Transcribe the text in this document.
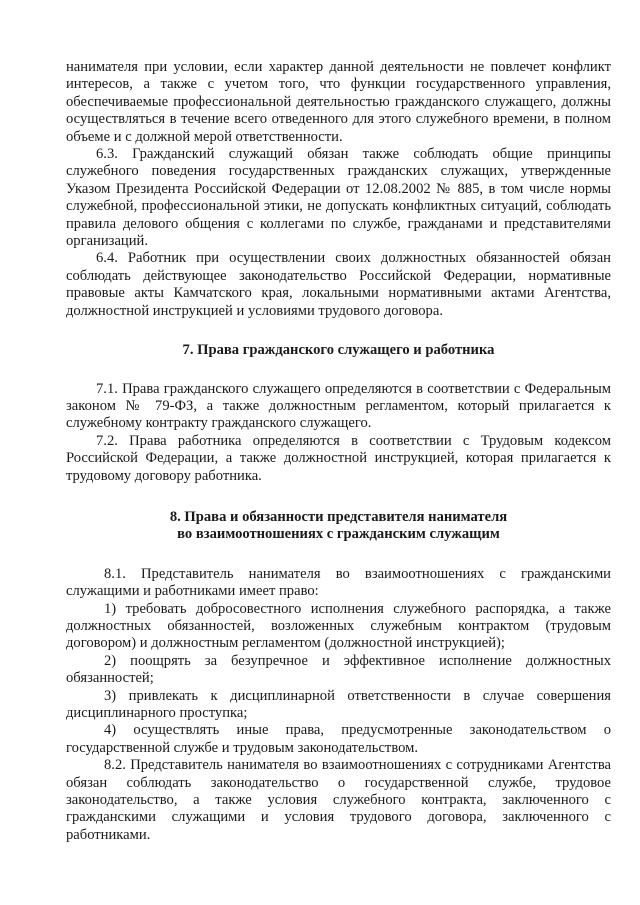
нанимателя при условии, если характер данной деятельности не повлечет конфликт интересов, а также с учетом того, что функции государственного управления, обеспечиваемые профессиональной деятельностью гражданского служащего, должны осуществляться в течение всего отведенного для этого служебного времени, в полном объеме и с должной мерой ответственности.

6.3. Гражданский служащий обязан также соблюдать общие принципы служебного поведения государственных гражданских служащих, утвержденные Указом Президента Российской Федерации от 12.08.2002 № 885, в том числе нормы служебной, профессиональной этики, не допускать конфликтных ситуаций, соблюдать правила делового общения с коллегами по службе, гражданами и представителями организаций.

6.4. Работник при осуществлении своих должностных обязанностей обязан соблюдать действующее законодательство Российской Федерации, нормативные правовые акты Камчатского края, локальными нормативными актами Агентства, должностной инструкцией и условиями трудового договора.

7. Права гражданского служащего и работника

7.1. Права гражданского служащего определяются в соответствии с Федеральным законом № 79-ФЗ, а также должностным регламентом, который прилагается к служебному контракту гражданского служащего.

7.2. Права работника определяются в соответствии с Трудовым кодексом Российской Федерации, а также должностной инструкцией, которая прилагается к трудовому договору работника.

8. Права и обязанности представителя нанимателя
во взаимоотношениях с гражданским служащим

8.1. Представитель нанимателя во взаимоотношениях с гражданскими служащими и работниками имеет право:

1) требовать добросовестного исполнения служебного распорядка, а также должностных обязанностей, возложенных служебным контрактом (трудовым договором) и должностным регламентом (должностной инструкцией);

2) поощрять за безупречное и эффективное исполнение должностных обязанностей;

3) привлекать к дисциплинарной ответственности в случае совершения дисциплинарного проступка;

4) осуществлять иные права, предусмотренные законодательством о государственной службе и трудовым законодательством.

8.2. Представитель нанимателя во взаимоотношениях с сотрудниками Агентства обязан соблюдать законодательство о государственной службе, трудовое законодательство, а также условия служебного контракта, заключенного с гражданскими служащими и условия трудового договора, заключенного с работниками.
